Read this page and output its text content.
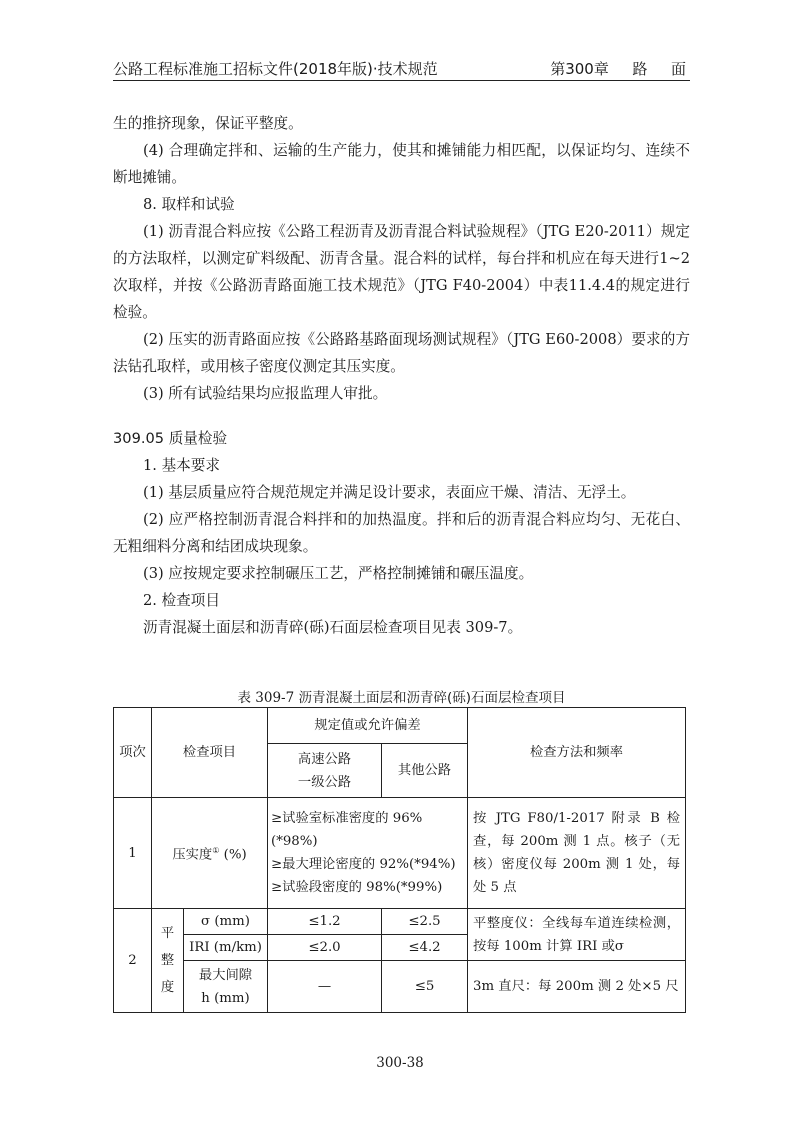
公路工程标准施工招标文件(2018年版)·技术规范	第300章 路 面

生的推挤现象，保证平整度。

(4) 合理确定拌和、运输的生产能力，使其和摊铺能力相匹配，以保证均匀、连续不断地摊铺。

8. 取样和试验

(1) 沥青混合料应按《公路工程沥青及沥青混合料试验规程》（JTG E20-2011）规定的方法取样，以测定矿料级配、沥青含量。混合料的试样，每台拌和机应在每天进行1~2次取样，并按《公路沥青路面施工技术规范》（JTG F40-2004）中表11.4.4的规定进行检验。

(2) 压实的沥青路面应按《公路路基路面现场测试规程》（JTG E60-2008）要求的方法钻孔取样，或用核子密度仪测定其压实度。

(3) 所有试验结果均应报监理人审批。

309.05 质量检验

1. 基本要求

(1) 基层质量应符合规范规定并满足设计要求，表面应干燥、清洁、无浮土。

(2) 应严格控制沥青混合料拌和的加热温度。拌和后的沥青混合料应均匀、无花白、无粗细料分离和结团成块现象。

(3) 应按规定要求控制碾压工艺，严格控制摊铺和碾压温度。

2. 检查项目

沥青混凝土面层和沥青碎(砾)石面层检查项目见表 309-7。

表 309-7 沥青混凝土面层和沥青碎(砾)石面层检查项目
项次	检查项目		规定值或允许偏差		检查方法和频率

			高速公路
一级公路	其他公路	
1	压实度① (%)		≥试验室标准密度的 96%(*98%)
≥最大理论密度的 92%(*94%)
≥试验段密度的 98%(*99%)		按 JTG F80/1-2017 附录 B 检查，每 200m 测 1 点。核子（无核）密度仪每 200m 测 1 处，每处 5 点
2	平
整
度	σ (mm)	≤1.2	≤2.5	平整度仪：全线每车道连续检测，按每 100m 计算 IRI 或σ
		IRI (m/km)	≤2.0	≤4.2	

		最大间隙
h (mm)	—	≤5	3m 直尺：每 200m 测 2 处×5 尺
300-38
